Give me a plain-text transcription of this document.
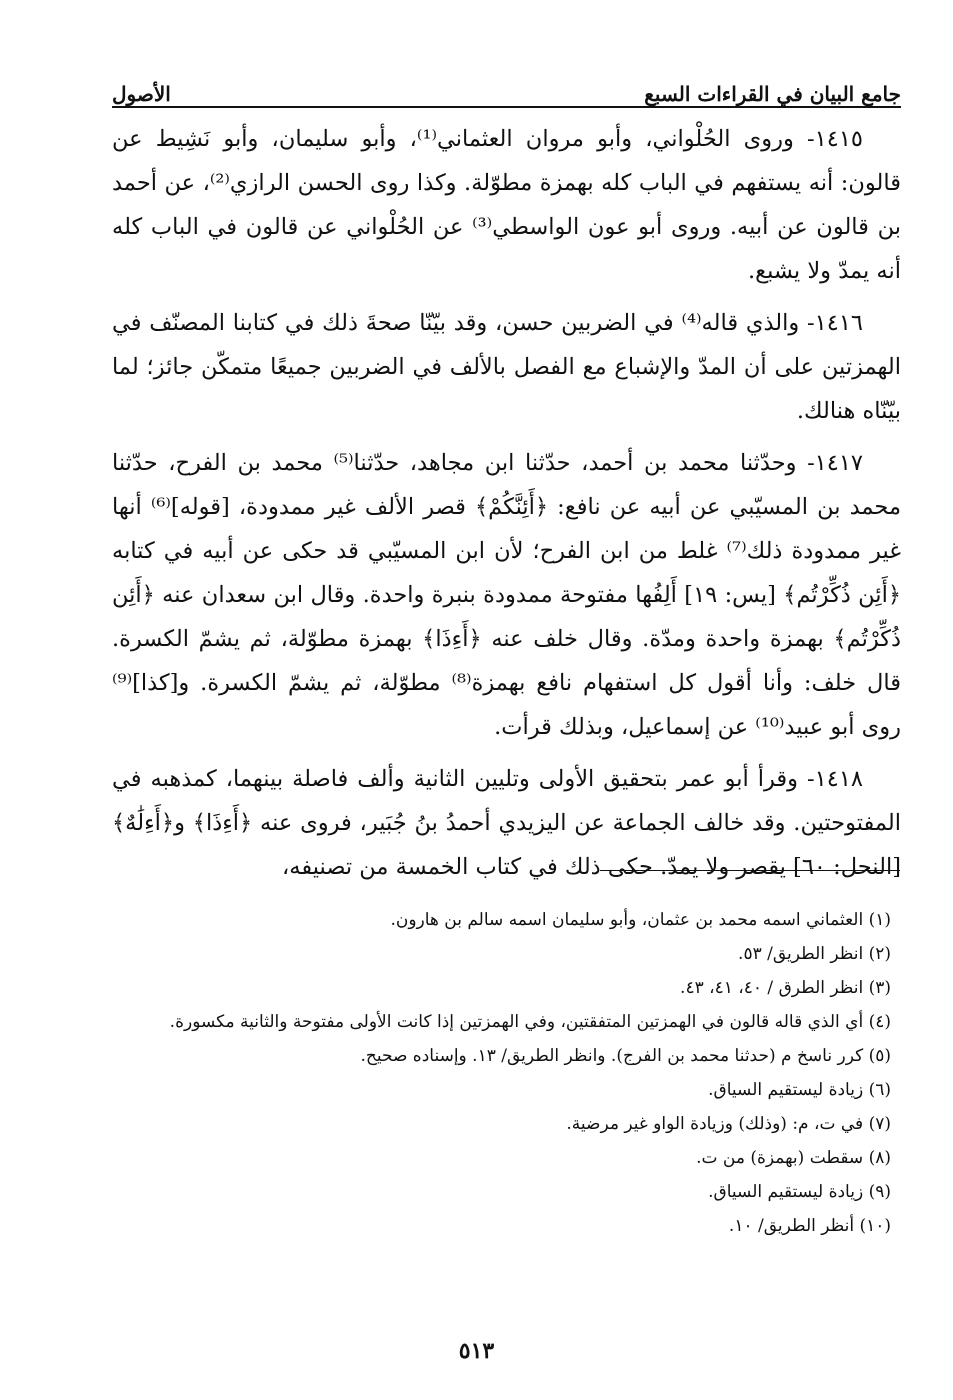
جامع البيان في القراءات السبع
الأصول

١٤١٥- وروى الحُلْواني، وأبو مروان العثماني⁽¹⁾، وأبو سليمان، وأبو نَشِيط عن قالون: أنه يستفهم في الباب كله بهمزة مطوّلة. وكذا روى الحسن الرازي⁽²⁾، عن أحمد بن قالون عن أبيه. وروى أبو عون الواسطي⁽³⁾ عن الحُلْواني عن قالون في الباب كله أنه يمدّ ولا يشبع.

١٤١٦- والذي قاله⁽⁴⁾ في الضربين حسن، وقد بيّنّا صحةَ ذلك في كتابنا المصنّف في الهمزتين على أن المدّ والإشباع مع الفصل بالألف في الضربين جميعًا متمكّن جائز؛ لما بيّنّاه هنالك.

١٤١٧- وحدّثنا محمد بن أحمد، حدّثنا ابن مجاهد، حدّثنا⁽⁵⁾ محمد بن الفرح، حدّثنا محمد بن المسيّبي عن أبيه عن نافع: ﴿أَئِنَّكُمْ﴾ قصر الألف غير ممدودة، [قوله]⁽⁶⁾ أنها غير ممدودة ذلك⁽⁷⁾ غلط من ابن الفرح؛ لأن ابن المسيّبي قد حكى عن أبيه في كتابه ﴿أَئِن ذُكِّرْتُم﴾ [يس: ١٩] أَلِفُها مفتوحة ممدودة بنبرة واحدة. وقال ابن سعدان عنه ﴿أَئِن ذُكِّرْتُم﴾ بهمزة واحدة ومدّة. وقال خلف عنه ﴿أَءِذَا﴾ بهمزة مطوّلة، ثم يشمّ الكسرة. قال خلف: وأنا أقول كل استفهام نافع بهمزة⁽⁸⁾ مطوّلة، ثم يشمّ الكسرة. و[كذا]⁽⁹⁾ روى أبو عبيد⁽¹⁰⁾ عن إسماعيل، وبذلك قرأت.

١٤١٨- وقرأ أبو عمر بتحقيق الأولى وتليين الثانية وألف فاصلة بينهما، كمذهبه في المفتوحتين. وقد خالف الجماعة عن اليزيدي أحمدُ بنُ جُبَير، فروى عنه ﴿أَءِذَا﴾ و﴿أَءِلَٰهٌ﴾ [النحل: ٦٠] يقصر ولا يمدّ. حكى ذلك في كتاب الخمسة من تصنيفه،

(١) العثماني اسمه محمد بن عثمان، وأبو سليمان اسمه سالم بن هارون.

(٢) انظر الطريق/ ٥٣.

(٣) انظر الطرق / ٤٠، ٤١، ٤٣.

(٤) أي الذي قاله قالون في الهمزتين المتفقتين، وفي الهمزتين إذا كانت الأولى مفتوحة والثانية مكسورة.

(٥) كرر ناسخ م (حدثنا محمد بن الفرج). وانظر الطريق/ ١٣. وإسناده صحيح.

(٦) زيادة ليستقيم السياق.

(٧) في ت، م: (وذلك) وزيادة الواو غير مرضية.

(٨) سقطت (بهمزة) من ت.

(٩) زيادة ليستقيم السياق.

(١٠) أنظر الطريق/ ١٠.

٥١٣
